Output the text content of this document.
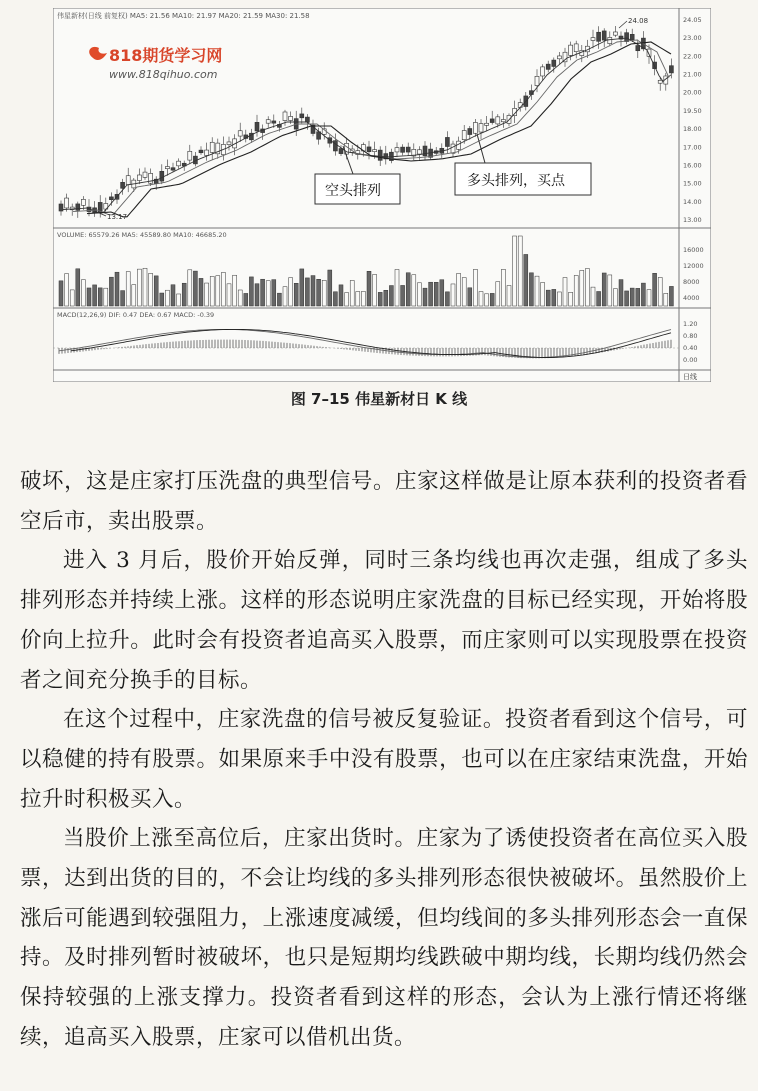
伟星新材(日线 前复权) MA5: 21.56 MA10: 21.97 MA20: 21.59 MA30: 21.58
818期货学习网
www.818qihuo.com
24.05
23.00
22.00
21.00
20.00
19.50
18.00
17.00
16.00
15.00
14.00
13.00
13.17
24.08
空头排列
多头排列，买点
VOLUME: 65579.26 MA5: 45589.80 MA10: 46685.20
16000
12000
8000
4000
MACD(12,26,9) DIF: 0.47 DEA: 0.67 MACD: -0.39
1.20
0.80
0.40
0.00
日线
图 7–15 伟星新材日 K 线

破坏，这是庄家打压洗盘的典型信号。庄家这样做是让原本获利的投资者看空后市，卖出股票。

进入 3 月后，股价开始反弹，同时三条均线也再次走强，组成了多头排列形态并持续上涨。这样的形态说明庄家洗盘的目标已经实现，开始将股价向上拉升。此时会有投资者追高买入股票，而庄家则可以实现股票在投资者之间充分换手的目标。

在这个过程中，庄家洗盘的信号被反复验证。投资者看到这个信号，可以稳健的持有股票。如果原来手中没有股票，也可以在庄家结束洗盘，开始拉升时积极买入。

当股价上涨至高位后，庄家出货时。庄家为了诱使投资者在高位买入股票，达到出货的目的，不会让均线的多头排列形态很快被破坏。虽然股价上涨后可能遇到较强阻力，上涨速度减缓，但均线间的多头排列形态会一直保持。及时排列暂时被破坏，也只是短期均线跌破中期均线，长期均线仍然会保持较强的上涨支撑力。投资者看到这样的形态，会认为上涨行情还将继续，追高买入股票，庄家可以借机出货。
